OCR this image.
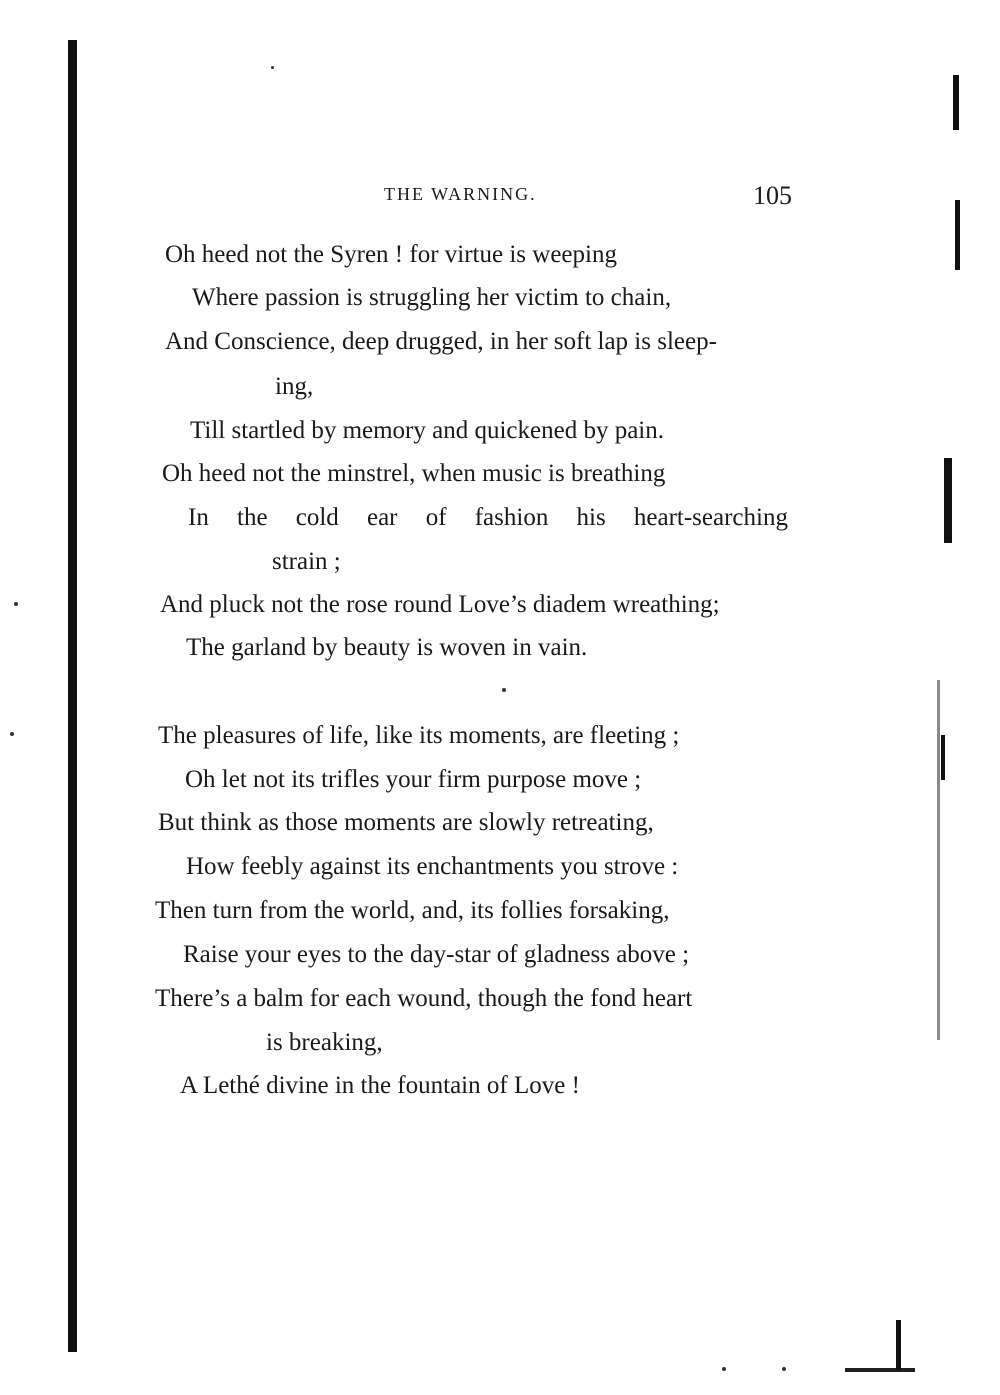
THE WARNING.	105
Oh heed not the Syren ! for virtue is weeping
Where passion is struggling her victim to chain,
And Conscience, deep drugged, in her soft lap is sleep-
ing,
Till startled by memory and quickened by pain.
Oh heed not the minstrel, when music is breathing
In the cold ear of fashion his heart-searching
strain ;
And pluck not the rose round Love’s diadem wreathing;
The garland by beauty is woven in vain.
The pleasures of life, like its moments, are fleeting ;
Oh let not its trifles your firm purpose move ;
But think as those moments are slowly retreating,
How feebly against its enchantments you strove :
Then turn from the world, and, its follies forsaking,
Raise your eyes to the day-star of gladness above ;
There’s a balm for each wound, though the fond heart
is breaking,
A Lethé divine in the fountain of Love !
